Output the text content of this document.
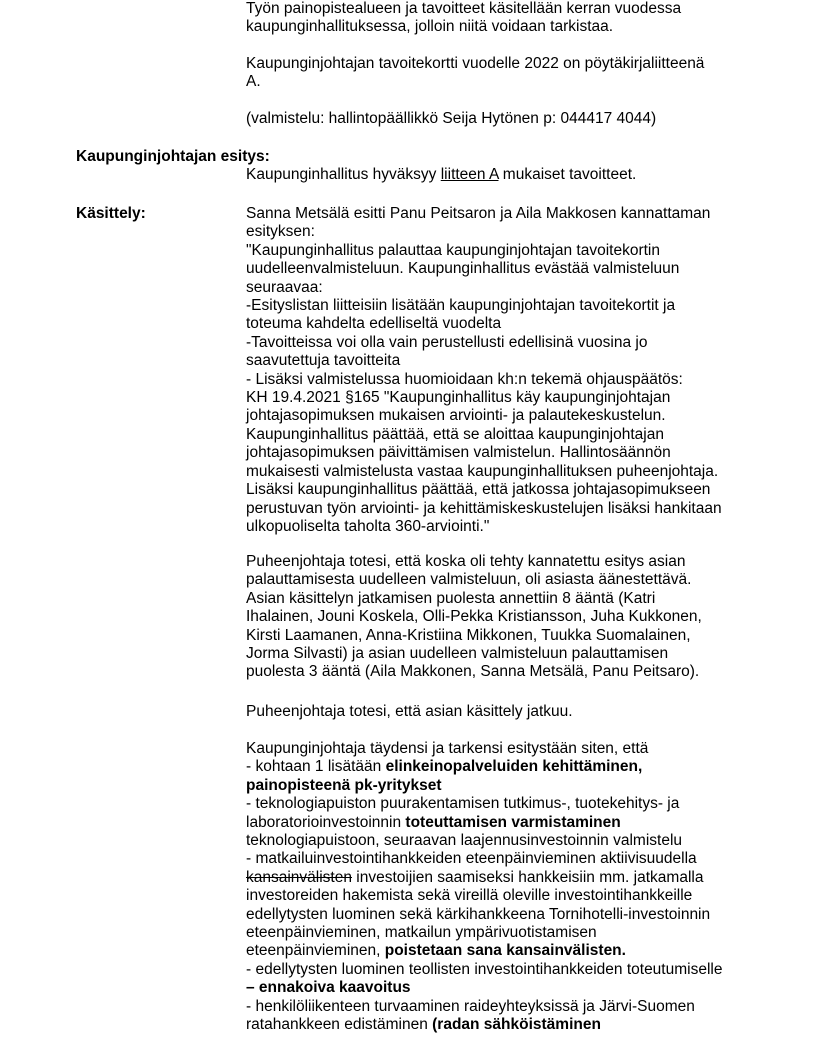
Työn painopistealueen ja tavoitteet käsitellään kerran vuodessa
kaupunginhallituksessa, jolloin niitä voidaan tarkistaa.
Kaupunginjohtajan tavoitekortti vuodelle 2022 on pöytäkirjaliitteenä
A.
(valmistelu: hallintopäällikkö Seija Hytönen p: 044417 4044)
Kaupunginjohtajan esitys:
Kaupunginhallitus hyväksyy liitteen A mukaiset tavoitteet.
Käsittely:	Sanna Metsälä esitti Panu Peitsaron ja Aila Makkosen kannattaman
esityksen:
"Kaupunginhallitus palauttaa kaupunginjohtajan tavoitekortin
uudelleenvalmisteluun. Kaupunginhallitus evästää valmisteluun
seuraavaa:
-Esityslistan liitteisiin lisätään kaupunginjohtajan tavoitekortit ja
toteuma kahdelta edelliseltä vuodelta
-Tavoitteissa voi olla vain perustellusti edellisinä vuosina jo
saavutettuja tavoitteita
- Lisäksi valmistelussa huomioidaan kh:n tekemä ohjauspäätös:
KH 19.4.2021 §165 "Kaupunginhallitus käy kaupunginjohtajan
johtajasopimuksen mukaisen arviointi- ja palautekeskustelun.
Kaupunginhallitus päättää, että se aloittaa kaupunginjohtajan
johtajasopimuksen päivittämisen valmistelun. Hallintosäännön
mukaisesti valmistelusta vastaa kaupunginhallituksen puheenjohtaja.
Lisäksi kaupunginhallitus päättää, että jatkossa johtajasopimukseen
perustuvan työn arviointi- ja kehittämiskeskustelujen lisäksi hankitaan
ulkopuoliselta taholta 360-arviointi."
Puheenjohtaja totesi, että koska oli tehty kannatettu esitys asian
palauttamisesta uudelleen valmisteluun, oli asiasta äänestettävä.
Asian käsittelyn jatkamisen puolesta annettiin 8 ääntä (Katri
Ihalainen, Jouni Koskela, Olli-Pekka Kristiansson, Juha Kukkonen,
Kirsti Laamanen, Anna-Kristiina Mikkonen, Tuukka Suomalainen,
Jorma Silvasti) ja asian uudelleen valmisteluun palauttamisen
puolesta 3 ääntä (Aila Makkonen, Sanna Metsälä, Panu Peitsaro).
Puheenjohtaja totesi, että asian käsittely jatkuu.
Kaupunginjohtaja täydensi ja tarkensi esitystään siten, että
- kohtaan 1 lisätään elinkeinopalveluiden kehittäminen,
painopisteenä pk-yritykset
- teknologiapuiston puurakentamisen tutkimus-, tuotekehitys- ja
laboratorioinvestoinnin toteuttamisen varmistaminen
teknologiapuistoon, seuraavan laajennusinvestoinnin valmistelu
- matkailuinvestointihankkeiden eteenpäinvieminen aktiivisuudella
kansainvälisten investoijien saamiseksi hankkeisiin mm. jatkamalla
investoreiden hakemista sekä vireillä oleville investointihankkeille
edellytysten luominen sekä kärkihankkeena Tornihotelli-investoinnin
eteenpäinvieminen, matkailun ympärivuotistamisen
eteenpäinvieminen, poistetaan sana kansainvälisten.
- edellytysten luominen teollisten investointihankkeiden toteutumiselle
– ennakoiva kaavoitus
- henkilöliikenteen turvaaminen raideyhteyksissä ja Järvi-Suomen
ratahankkeen edistäminen (radan sähköistäminen
